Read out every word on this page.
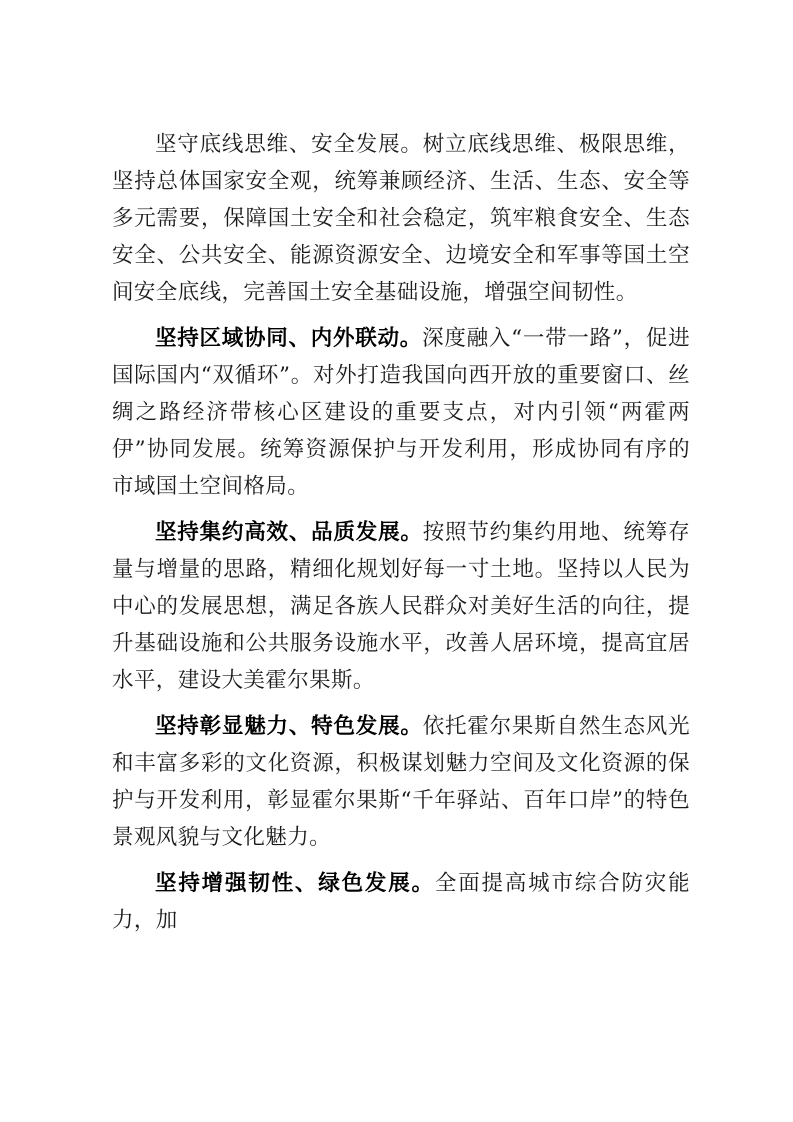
坚守底线思维、安全发展。树立底线思维、极限思维，坚持总体国家安全观，统筹兼顾经济、生活、生态、安全等多元需要，保障国土安全和社会稳定，筑牢粮食安全、生态安全、公共安全、能源资源安全、边境安全和军事等国土空间安全底线，完善国土安全基础设施，增强空间韧性。

坚持区域协同、内外联动。深度融入“一带一路”，促进国际国内“双循环”。对外打造我国向西开放的重要窗口、丝绸之路经济带核心区建设的重要支点，对内引领“两霍两伊”协同发展。统筹资源保护与开发利用，形成协同有序的市域国土空间格局。

坚持集约高效、品质发展。按照节约集约用地、统筹存量与增量的思路，精细化规划好每一寸土地。坚持以人民为中心的发展思想，满足各族人民群众对美好生活的向往，提升基础设施和公共服务设施水平，改善人居环境，提高宜居水平，建设大美霍尔果斯。

坚持彰显魅力、特色发展。依托霍尔果斯自然生态风光和丰富多彩的文化资源，积极谋划魅力空间及文化资源的保护与开发利用，彰显霍尔果斯“千年驿站、百年口岸”的特色景观风貌与文化魅力。

坚持增强韧性、绿色发展。全面提高城市综合防灾能力，加
